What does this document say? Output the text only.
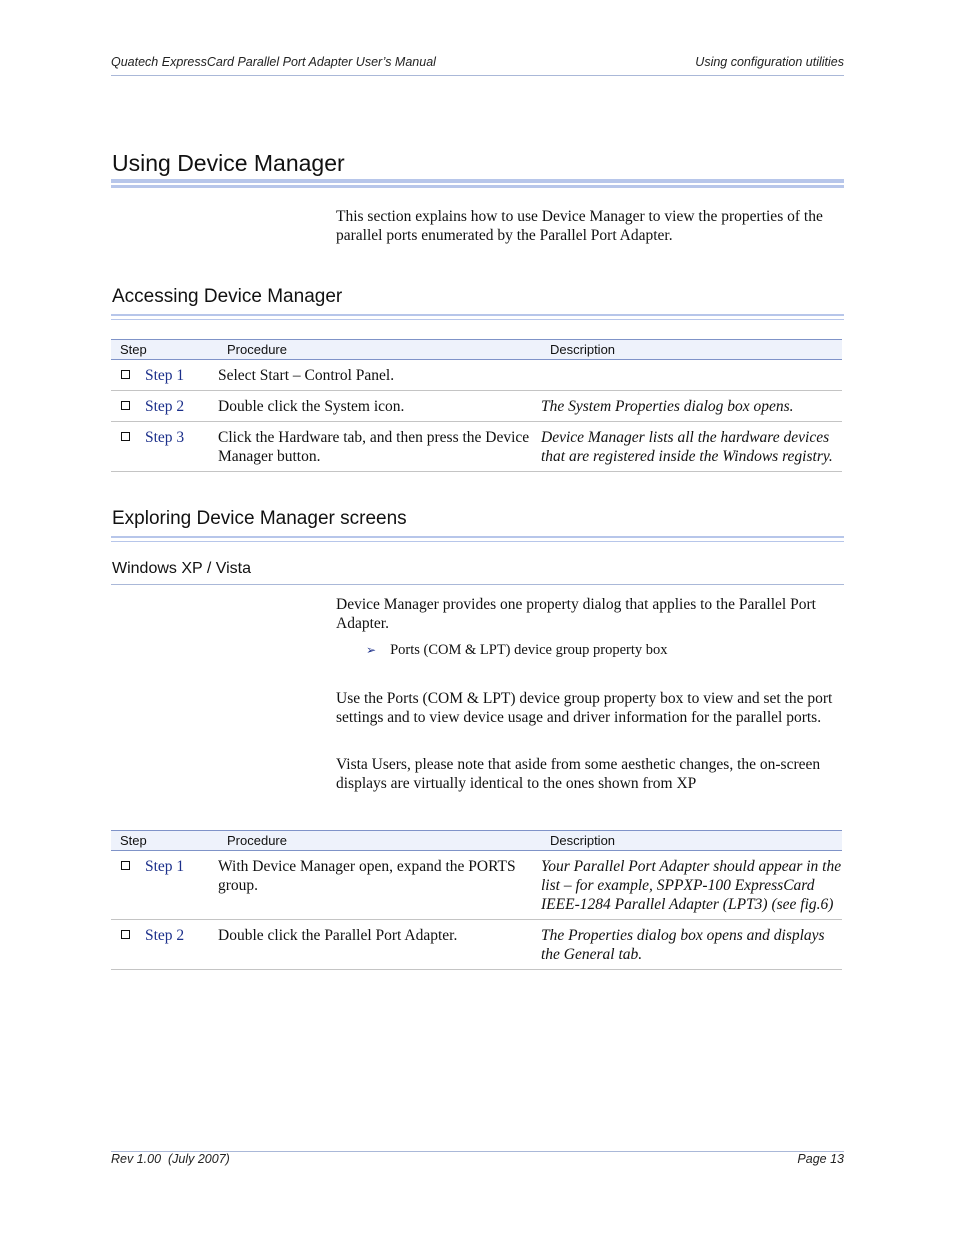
Quatech ExpressCard Parallel Port Adapter User’s Manual	Using configuration utilities
Using Device Manager

This section explains how to use Device Manager to view the properties of the parallel ports enumerated by the Parallel Port Adapter.

Accessing Device Manager
Step	Procedure	Description
Step 1	Select Start – Control Panel.	
Step 2	Double click the System icon.	The System Properties dialog box opens.
Step 3	Click the Hardware tab, and then press the Device Manager button.	Device Manager lists all the hardware devices that are registered inside the Windows registry.
Exploring Device Manager screens
Windows XP / Vista

Device Manager provides one property dialog that applies to the Parallel Port Adapter.

➢ Ports (COM & LPT) device group property box

Use the Ports (COM & LPT) device group property box to view and set the port settings and to view device usage and driver information for the parallel ports.

Vista Users, please note that aside from some aesthetic changes, the on-screen displays are virtually identical to the ones shown from XP

Step	Procedure	Description
Step 1	With Device Manager open, expand the PORTS group.	Your Parallel Port Adapter should appear in the list – for example, SPPXP-100 ExpressCard IEEE-1284 Parallel Adapter (LPT3) (see fig.6)
Step 2	Double click the Parallel Port Adapter.	The Properties dialog box opens and displays the General tab.
Rev 1.00  (July 2007)	Page 13
